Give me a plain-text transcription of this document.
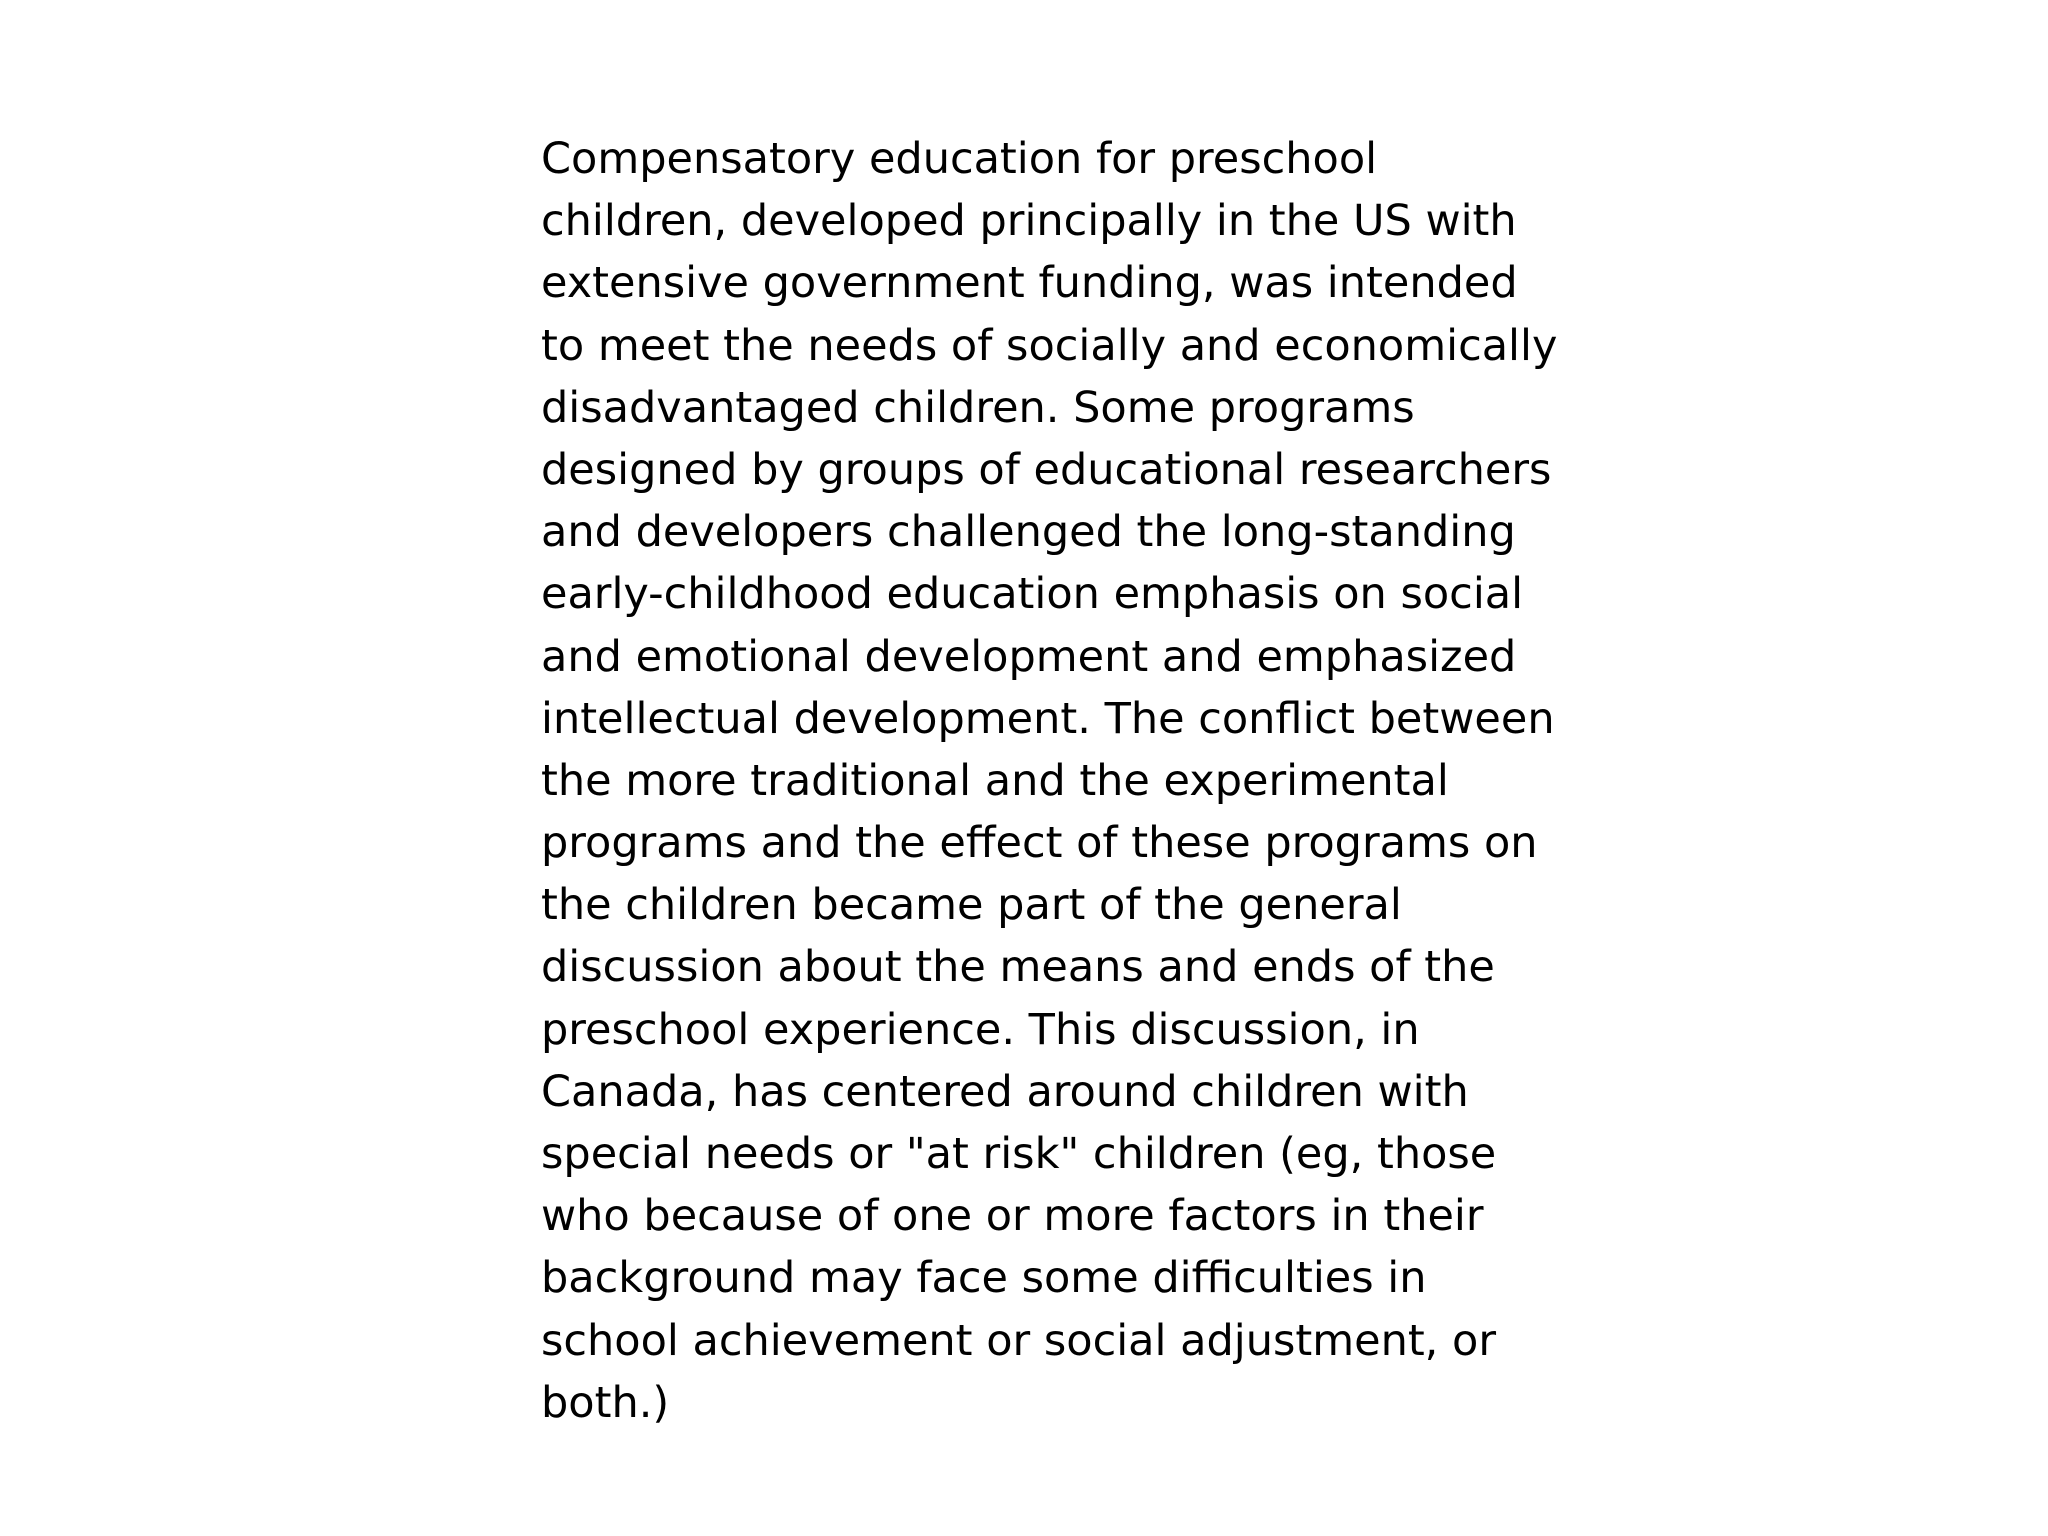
Compensatory education for preschool
children, developed principally in the US with
extensive government funding, was intended
to meet the needs of socially and economically
disadvantaged children. Some programs
designed by groups of educational researchers
and developers challenged the long-standing
early-childhood education emphasis on social
and emotional development and emphasized
intellectual development. The conflict between
the more traditional and the experimental
programs and the effect of these programs on
the children became part of the general
discussion about the means and ends of the
preschool experience. This discussion, in
Canada, has centered around children with
special needs or "at risk" children (eg, those
who because of one or more factors in their
background may face some difficulties in
school achievement or social adjustment, or
both.)
